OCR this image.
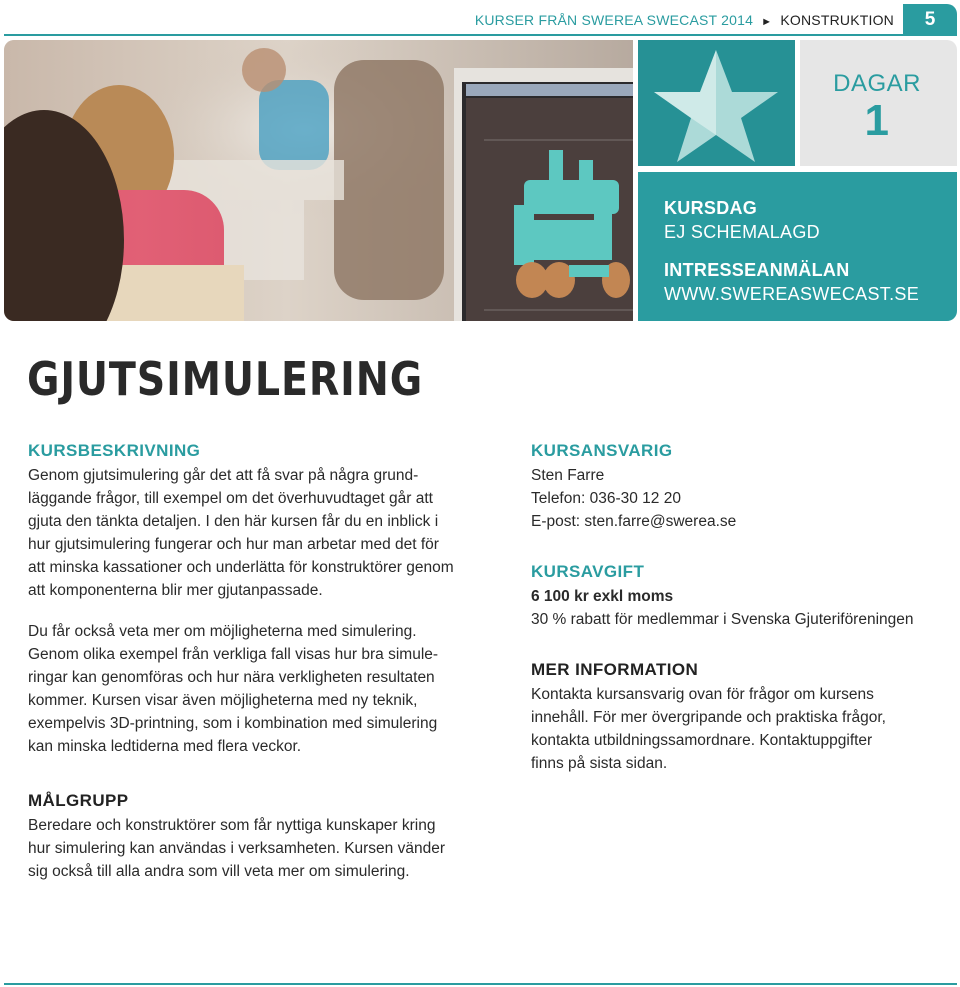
KURSER FRÅN SWEREA SWECAST 2014 ► KONSTRUKTION	5
DAGAR
1
KURSDAG
EJ SCHEMALAGD
INTRESSEANMÄLAN
WWW.SWEREASWECAST.SE
GJUTSIMULERING
KURSBESKRIVNING

Genom gjutsimulering går det att få svar på några grund-
läggande frågor, till exempel om det överhuvudtaget går att
gjuta den tänkta detaljen. I den här kursen får du en inblick i
hur gjutsimulering fungerar och hur man arbetar med det för
att minska kassationer och underlätta för konstruktörer genom
att komponenterna blir mer gjutanpassade.

Du får också veta mer om möjligheterna med simulering.
Genom olika exempel från verkliga fall visas hur bra simule-
ringar kan genomföras och hur nära verkligheten resultaten
kommer. Kursen visar även möjligheterna med ny teknik,
exempelvis 3D-printning, som i kombination med simulering
kan minska ledtiderna med flera veckor.

MÅLGRUPP

Beredare och konstruktörer som får nyttiga kunskaper kring
hur simulering kan användas i verksamheten. Kursen vänder
sig också till alla andra som vill veta mer om simulering.

KURSANSVARIG

Sten Farre
Telefon: 036-30 12 20
E-post: sten.farre@swerea.se

KURSAVGIFT

6 100 kr exkl moms
30 % rabatt för medlemmar i Svenska Gjuteriföreningen

MER INFORMATION

Kontakta kursansvarig ovan för frågor om kursens
innehåll. För mer övergripande och praktiska frågor,
kontakta utbildningssamordnare. Kontaktuppgifter
finns på sista sidan.
